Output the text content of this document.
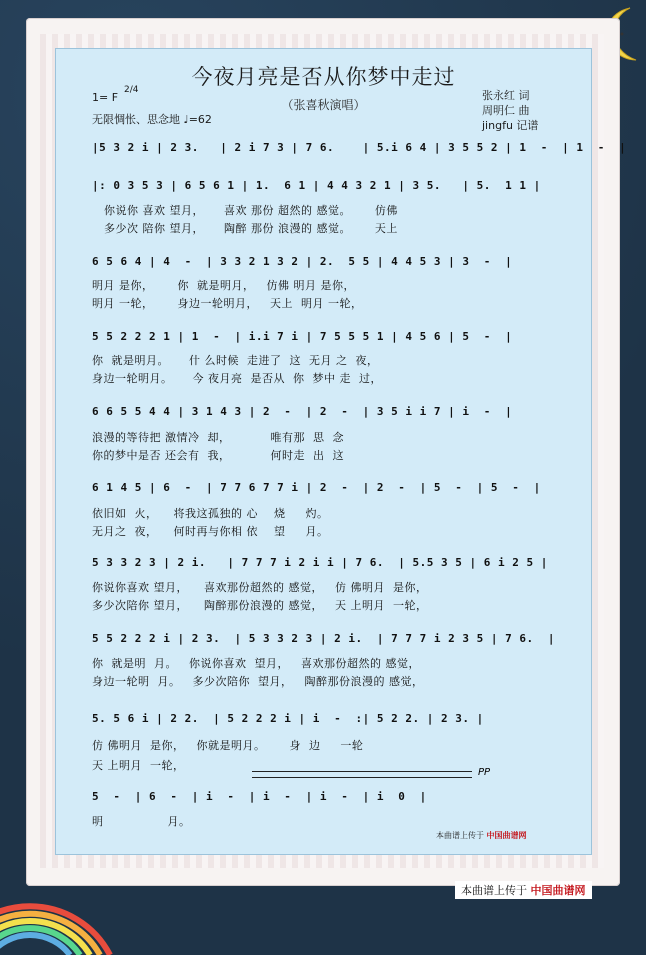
今夜月亮是否从你梦中走过
（张喜秋演唱）
1= F
2/4
无限惆怅、思念地 ♩=62
张永红 词
周明仁 曲
jingfu 记谱
|5 3 2 i | 2 3.   | 2 i 7 3 | 7 6.    | 5.i 6 4 | 3 5 5 2 | 1  -  | 1  -  |
|: 0 3 5 3 | 6 5 6 1 | 1.  6 1 | 4 4 3 2 1 | 3 5.   | 5.  1 1 |
你说你 喜欢 望月，     喜欢 那份 超然的 感觉。      仿佛
多少次 陪你 望月，     陶醉 那份 浪漫的 感觉。      天上
6 5 6 4 | 4  -  | 3 3 2 1 3 2 | 2.  5 5 | 4 4 5 3 | 3  -  |
明月 是你，      你  就是明月，   仿佛 明月 是你，
明月 一轮，      身边一轮明月，   天上  明月 一轮，
5 5 2 2 2 1 | 1  -  | i.i 7 i | 7 5 5 5 1 | 4 5 6 | 5  -  |
你  就是明月。     什 么时候  走进了  这  无月 之  夜，
身边一轮明月。     今 夜月亮  是否从  你  梦中 走  过，
6 6 5 5 4 4 | 3 1 4 3 | 2  -  | 2  -  | 3 5 i i 7 | i  -  |
浪漫的等待把 激情冷  却，          唯有那  思  念
你的梦中是否 还会有  我，          何时走  出  这
6 1 4 5 | 6  -  | 7 7 6 7 7 i | 2  -  | 2  -  | 5  -  | 5  -  |
依旧如  火，    将我这孤独的 心    烧     灼。
无月之  夜，    何时再与你相 依    望     月。
5 3 3 2 3 | 2 i.   | 7 7 7 i 2 i i | 7 6.  | 5.5 3 5 | 6 i 2 5 |
你说你喜欢 望月，    喜欢那份超然的 感觉，   仿 佛明月  是你，
多少次陪你 望月，    陶醉那份浪漫的 感觉，   天 上明月  一轮，
5 5 2 2 2 i | 2 3.  | 5 3 3 2 3 | 2 i.  | 7 7 7 i 2 3 5 | 7 6.  |
你  就是明  月。   你说你喜欢  望月，   喜欢那份超然的 感觉，
身边一轮明  月。   多少次陪你  望月，   陶醉那份浪漫的 感觉，
5. 5 6 i | 2 2.  | 5 2 2 2 i | i  -  :| 5 2 2. | 2 3. |
仿 佛明月  是你，   你就是明月。      身  边     一轮
天 上明月  一轮，
PP
5  -  | 6  -  | i  -  | i  -  | i  -  | i  0  |
明                月。
本曲谱上传于 中国曲谱网
本曲谱上传于 中国曲谱网
